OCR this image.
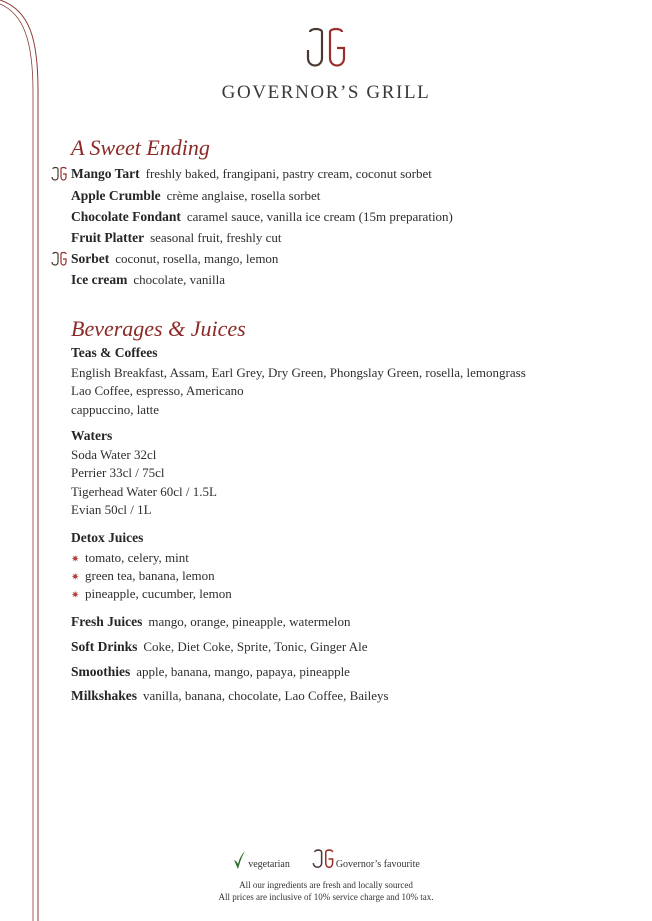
GOVERNOR’S GRILL
A Sweet Ending
Mango Tart freshly baked, frangipani, pastry cream, coconut sorbet
Apple Crumble crème anglaise, rosella sorbet
Chocolate Fondant caramel sauce, vanilla ice cream (15m preparation)
Fruit Platter seasonal fruit, freshly cut
Sorbet coconut, rosella, mango, lemon
Ice cream chocolate, vanilla
Beverages & Juices
Teas & Coffees
English Breakfast, Assam, Earl Grey, Dry Green, Phongslay Green, rosella, lemongrass
Lao Coffee, espresso, Americano
cappuccino, latte
Waters
Soda Water 32cl
Perrier 33cl / 75cl
Tigerhead Water 60cl / 1.5L
Evian 50cl / 1L
Detox Juices
✷ tomato, celery, mint
✷ green tea, banana, lemon
✷ pineapple, cucumber, lemon
Fresh Juices mango, orange, pineapple, watermelon
Soft Drinks Coke, Diet Coke, Sprite, Tonic, Ginger Ale
Smoothies apple, banana, mango, papaya, pineapple
Milkshakes vanilla, banana, chocolate, Lao Coffee, Baileys
vegetarian	Governor’s favourite
All our ingredients are fresh and locally sourced
All prices are inclusive of 10% service charge and 10% tax.
